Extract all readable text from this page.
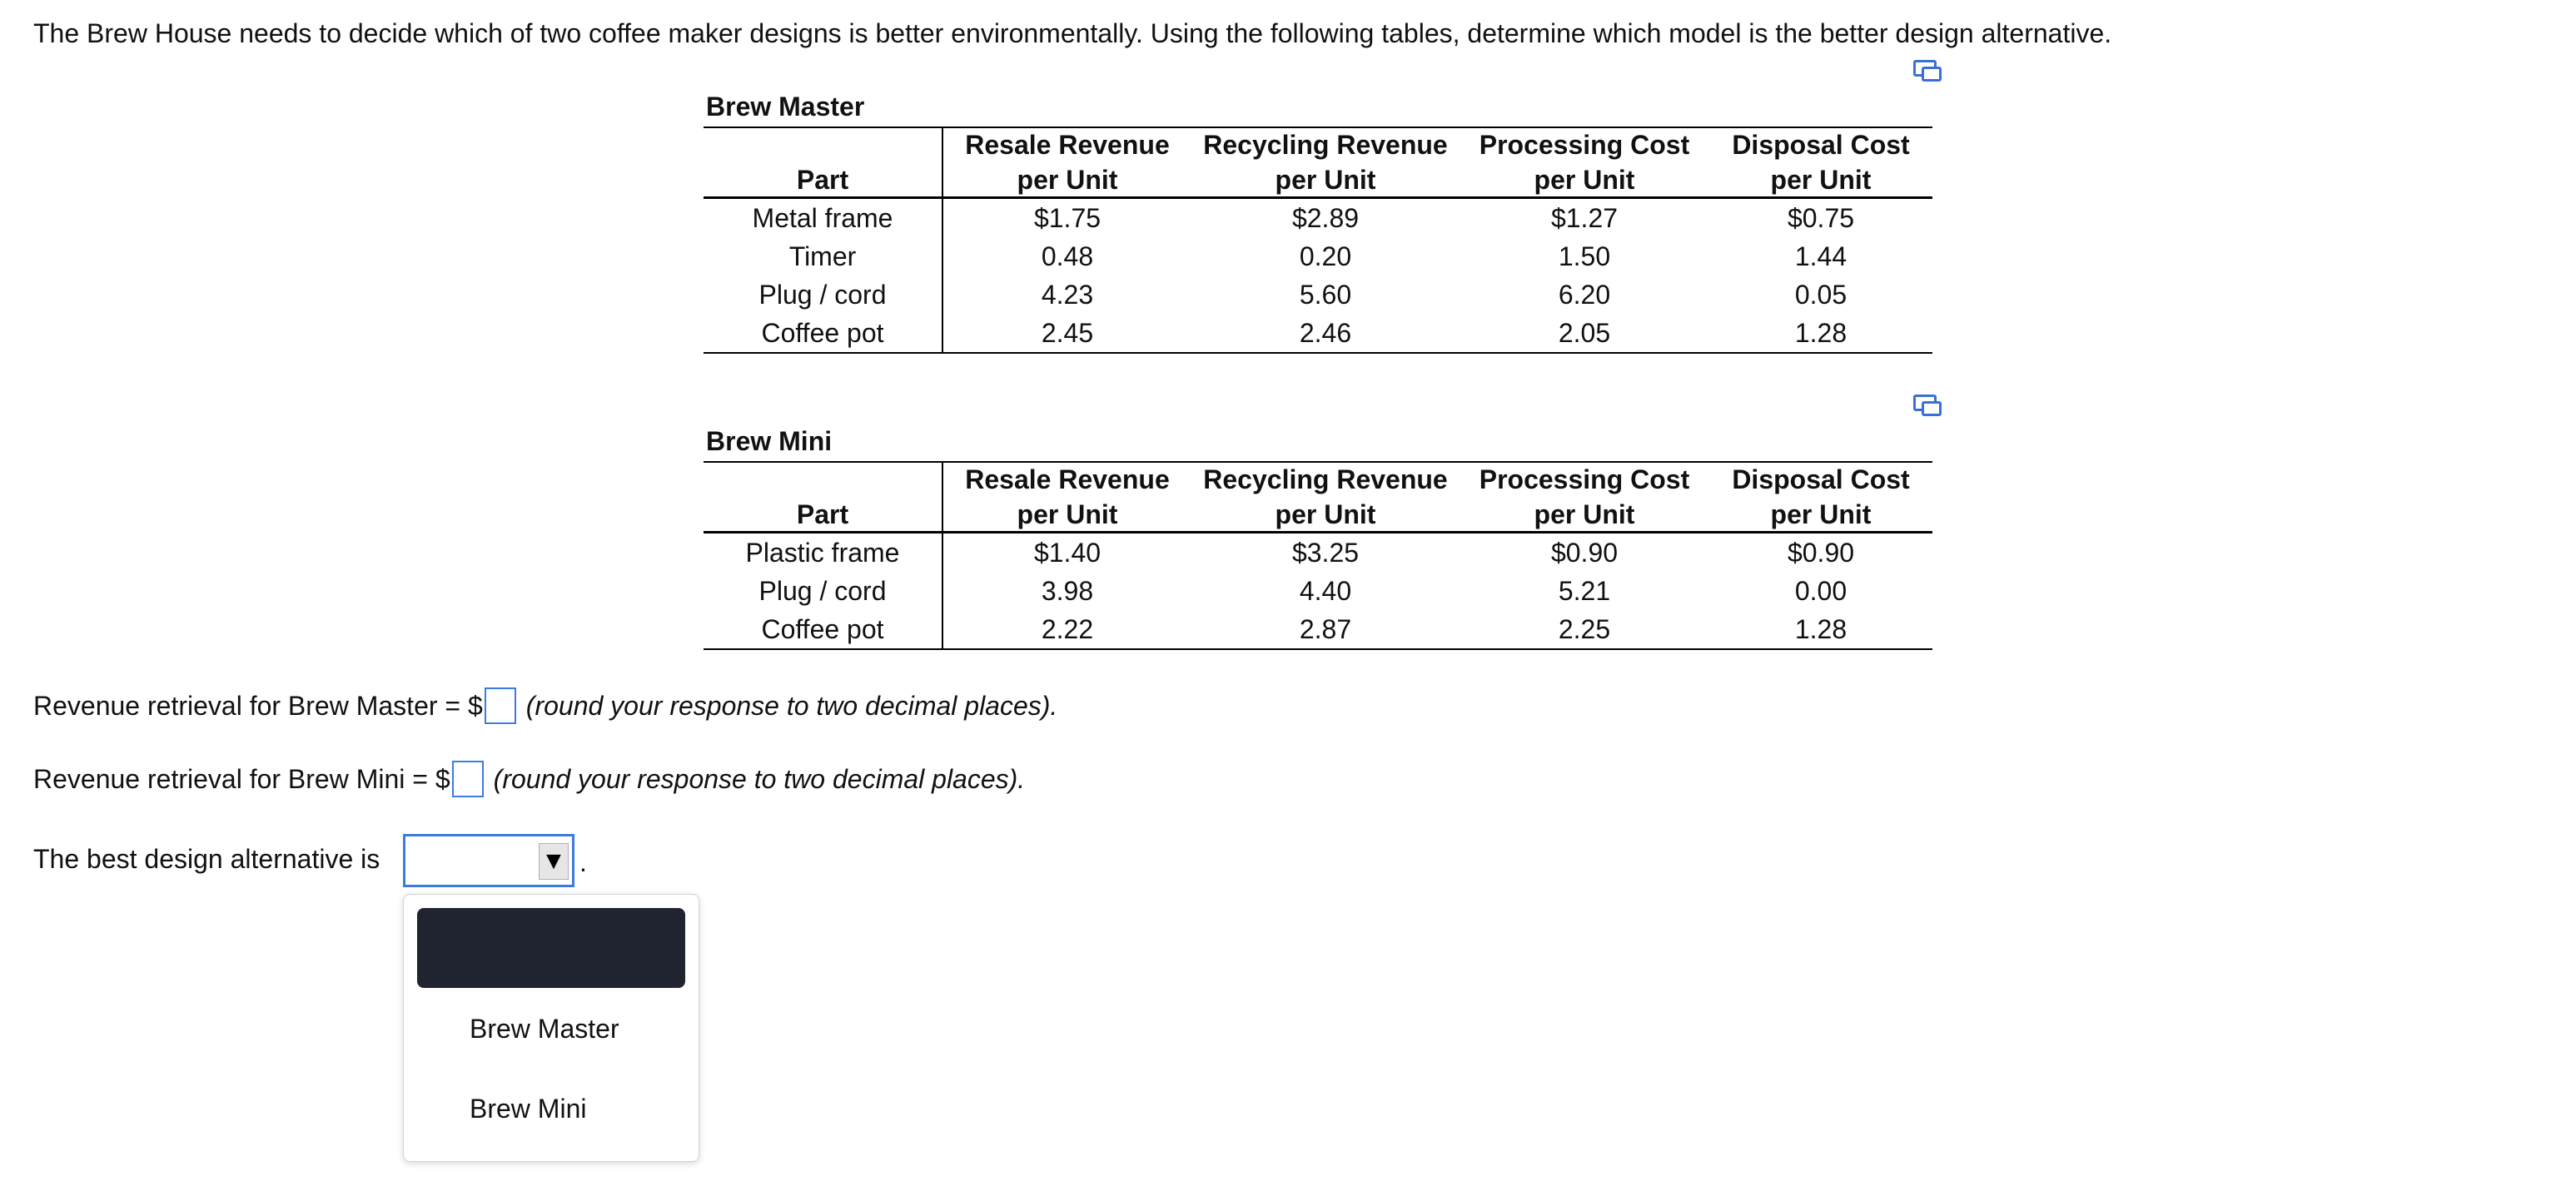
The Brew House needs to decide which of two coffee maker designs is better environmentally. Using the following tables, determine which model is the better design alternative.
Brew Master
	Resale Revenue	Recycling Revenue	Processing Cost	Disposal Cost
Part	per Unit	per Unit	per Unit	per Unit
Metal frame	$1.75	$2.89	$1.27	$0.75
Timer	0.48	0.20	1.50	1.44
Plug / cord	4.23	5.60	6.20	0.05
Coffee pot	2.45	2.46	2.05	1.28
Brew Mini
	Resale Revenue	Recycling Revenue	Processing Cost	Disposal Cost
Part	per Unit	per Unit	per Unit	per Unit
Plastic frame	$1.40	$3.25	$0.90	$0.90
Plug / cord	3.98	4.40	5.21	0.00
Coffee pot	2.22	2.87	2.25	1.28
Revenue retrieval for Brew Master = $ (round your response to two decimal places).
Revenue retrieval for Brew Mini = $ (round your response to two decimal places).
The best design alternative is	▼ .
Brew Master
Brew Mini
